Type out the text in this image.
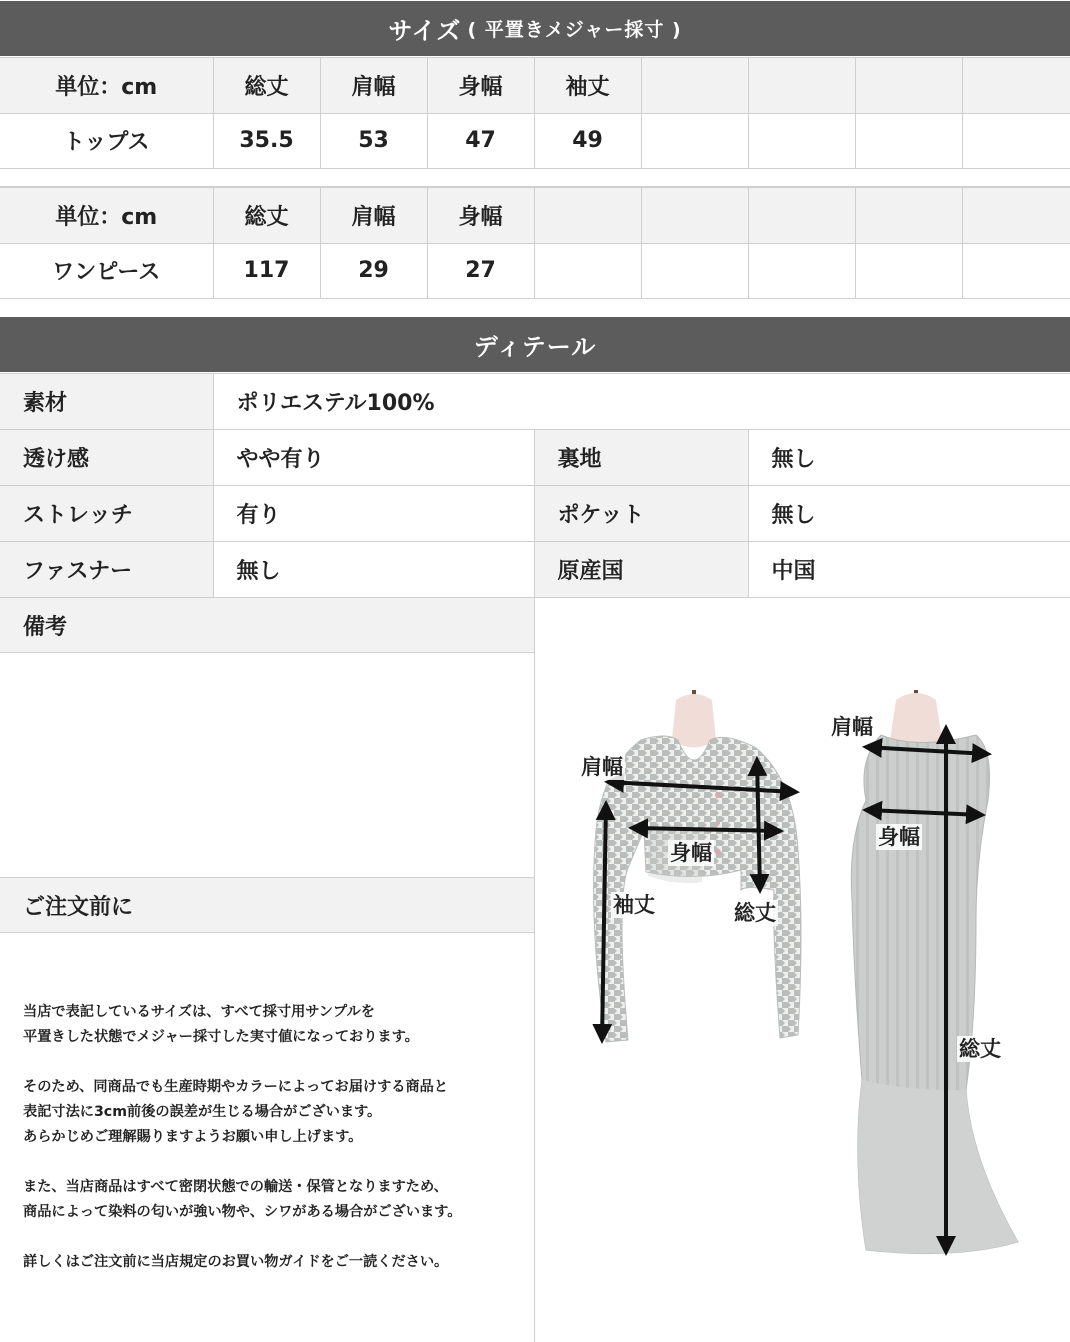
サイズ ( 平置きメジャー採寸 )
単位：cm	総丈	肩幅	身幅	袖丈				
トップス	35.5	53	47	49				
単位：cm	総丈	肩幅	身幅					
ワンピース	117	29	27					
ディテール
素材	ポリエステル100%		
透け感	やや有り	裏地	無し
ストレッチ	有り	ポケット	無し
ファスナー	無し	原産国	中国
備考
ご注文前に

当店で表記しているサイズは、すべて採寸用サンプルを
平置きした状態でメジャー採寸した実寸値になっております。

そのため、同商品でも生産時期やカラーによってお届けする商品と
表記寸法に3cm前後の誤差が生じる場合がございます。
あらかじめご理解賜りますようお願い申し上げます。

また、当店商品はすべて密閉状態での輸送・保管となりますため、
商品によって染料の匂いが強い物や、シワがある場合がございます。

詳しくはご注文前に当店規定のお買い物ガイドをご一読ください。

肩幅
身幅
袖丈	総丈
肩幅
身幅
総丈
